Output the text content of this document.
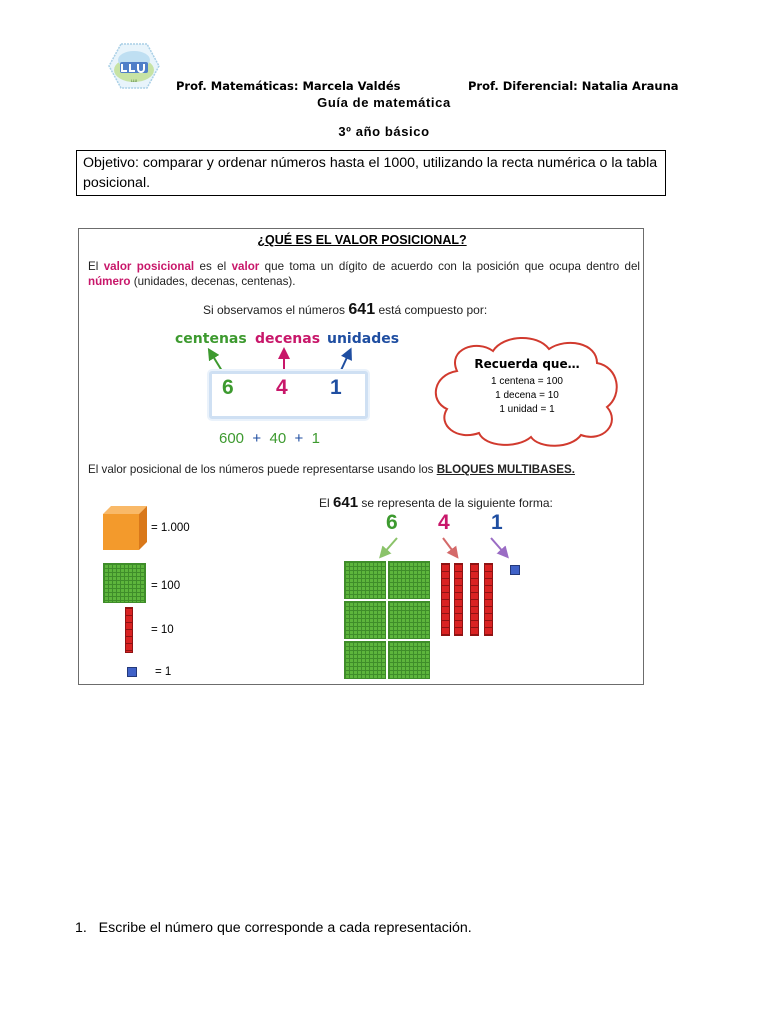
LLU	Prof. Matemáticas: Marcela Valdés	Prof. Diferencial: Natalia Arauna
Guía de matemática
3º año básico
Objetivo: comparar y ordenar números hasta el 1000, utilizando la recta numérica o la tabla posicional.
¿QUÉ ES EL VALOR POSICIONAL?
El valor posicional es el valor que toma un dígito de acuerdo con la posición que ocupa dentro del número (unidades, decenas, centenas).
Si observamos el números 641 está compuesto por:
centenas decenas unidades
6 4 1
600 + 40 + 1
Recuerda que…
1 centena = 100
1 decena = 10
1 unidad = 1
El valor posicional de los números puede representarse usando los BLOQUES MULTIBASES.
= 1.000
= 100
= 10
= 1
El 641 se representa de la siguiente forma:
6 4 1
1. Escribe el número que corresponde a cada representación.
